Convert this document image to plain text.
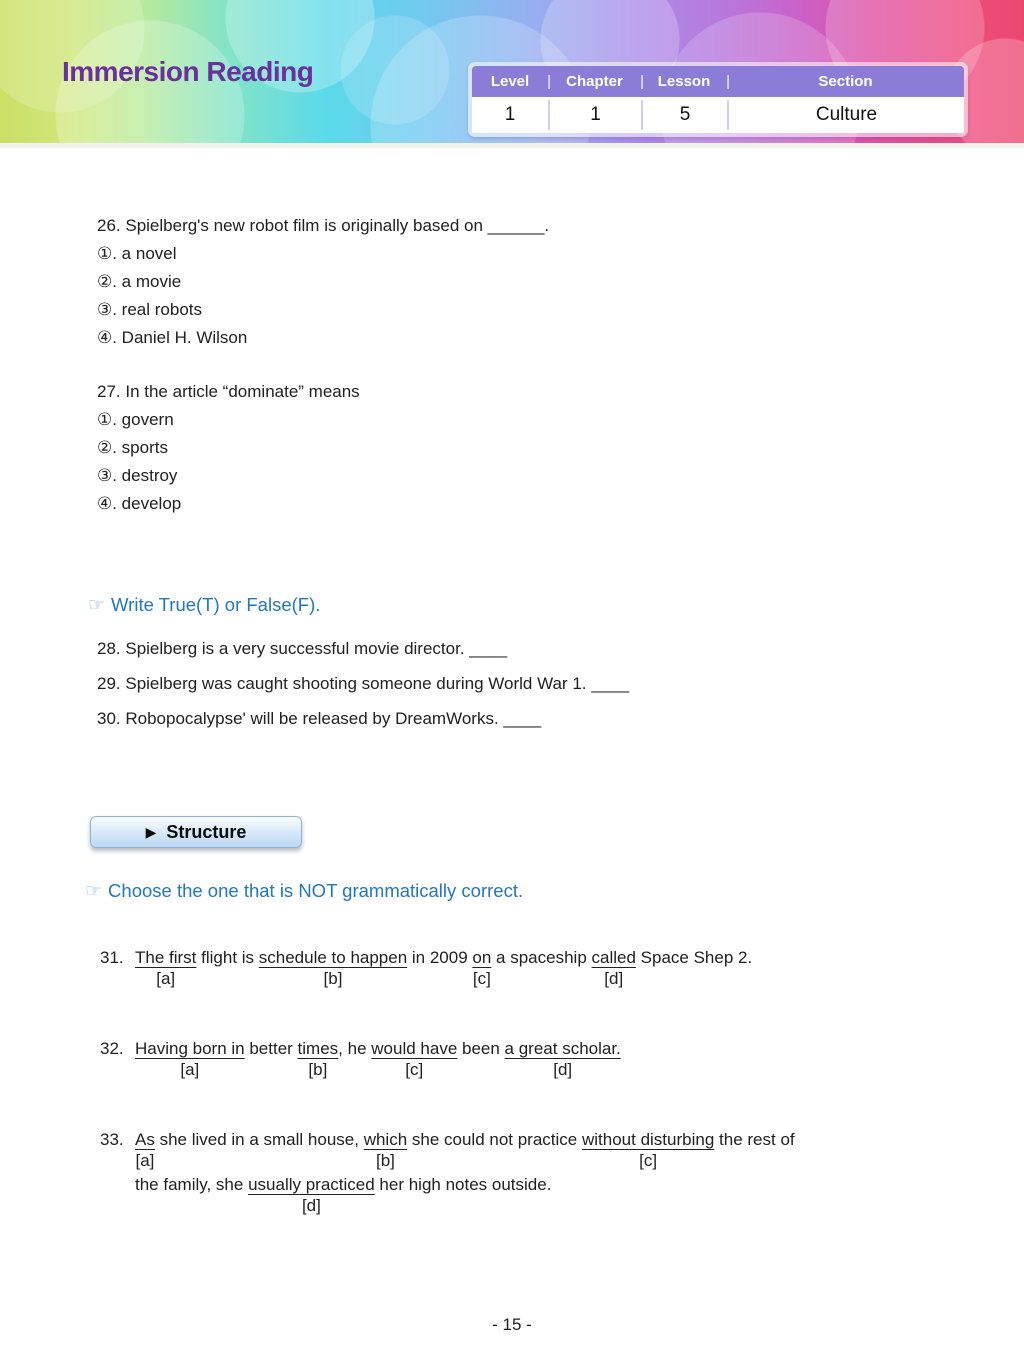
Immersion Reading	Level |	Chapter | Lesson |	Section
1	1	5	Culture
26. Spielberg's new robot film is originally based on ______.
①. a novel
②. a movie
③. real robots
④. Daniel H. Wilson
27. In the article “dominate” means
①. govern
②. sports
③. destroy
④. develop
☞ Write True(T) or False(F).
28. Spielberg is a very successful movie director. ____
29. Spielberg was caught shooting someone during World War 1. ____
30. Robopocalypse' will be released by DreamWorks. ____
▶ Structure
☞ Choose the one that is NOT grammatically correct.
31. The first
[a]
flight is schedule to happen
[b]
in 2009 on
[c]
a spaceship called
[d]
Space Shep 2.
32. Having born in
[a]
better times
[b]
, he would have
[c]
been a great scholar.
[d]
33. As
[a]
she lived in a small house, which
[b]
she could not practice without disturbing
[c]
the rest of
the family, she usually practiced
[d]
her high notes outside.
- 15 -
